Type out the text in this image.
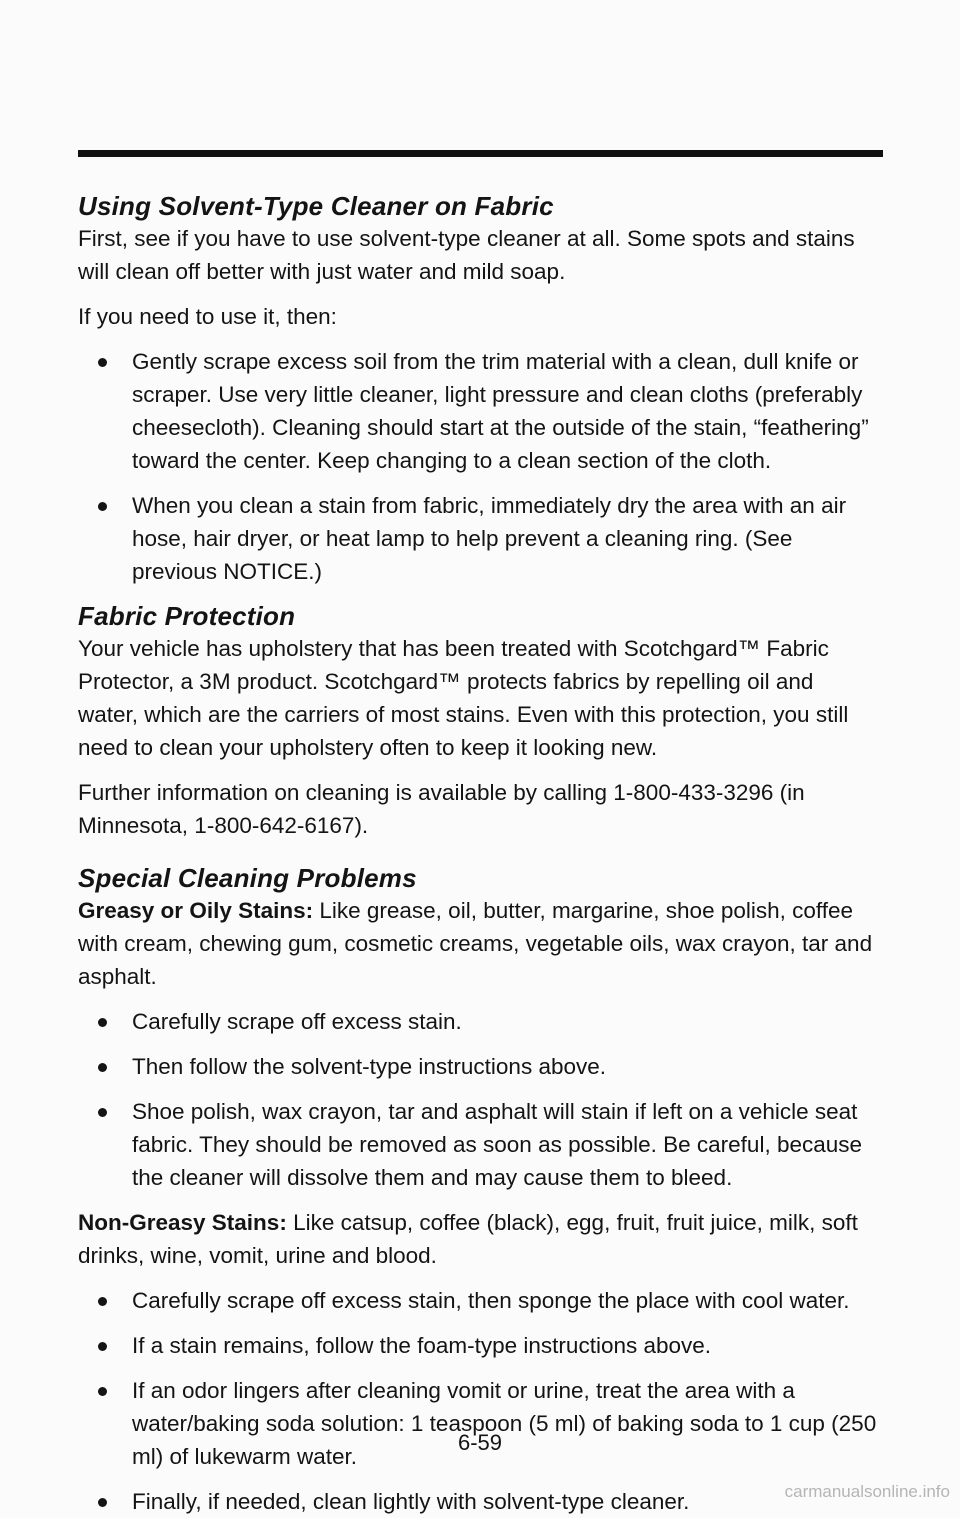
Using Solvent-Type Cleaner on Fabric

First, see if you have to use solvent-type cleaner at all. Some spots and stains will clean off better with just water and mild soap.

If you need to use it, then:

Gently scrape excess soil from the trim material with a clean, dull knife or scraper. Use very little cleaner, light pressure and clean cloths (preferably cheesecloth). Cleaning should start at the outside of the stain, “feathering” toward the center. Keep changing to a clean section of the cloth.
When you clean a stain from fabric, immediately dry the area with an air hose, hair dryer, or heat lamp to help prevent a cleaning ring. (See previous NOTICE.)
Fabric Protection

Your vehicle has upholstery that has been treated with Scotchgard™ Fabric Protector, a 3M product. Scotchgard™ protects fabrics by repelling oil and water, which are the carriers of most stains. Even with this protection, you still need to clean your upholstery often to keep it looking new.

Further information on cleaning is available by calling 1-800-433-3296 (in Minnesota, 1-800-642-6167).

Special Cleaning Problems

Greasy or Oily Stains: Like grease, oil, butter, margarine, shoe polish, coffee with cream, chewing gum, cosmetic creams, vegetable oils, wax crayon, tar and asphalt.

Carefully scrape off excess stain.
Then follow the solvent-type instructions above.
Shoe polish, wax crayon, tar and asphalt will stain if left on a vehicle seat fabric. They should be removed as soon as possible. Be careful, because the cleaner will dissolve them and may cause them to bleed.

Non-Greasy Stains: Like catsup, coffee (black), egg, fruit, fruit juice, milk, soft drinks, wine, vomit, urine and blood.

Carefully scrape off excess stain, then sponge the place with cool water.
If a stain remains, follow the foam-type instructions above.
If an odor lingers after cleaning vomit or urine, treat the area with a water/baking soda solution: 1 teaspoon (5 ml) of baking soda to 1 cup (250 ml) of lukewarm water.
Finally, if needed, clean lightly with solvent-type cleaner.
6-59
carmanualsonline.info
